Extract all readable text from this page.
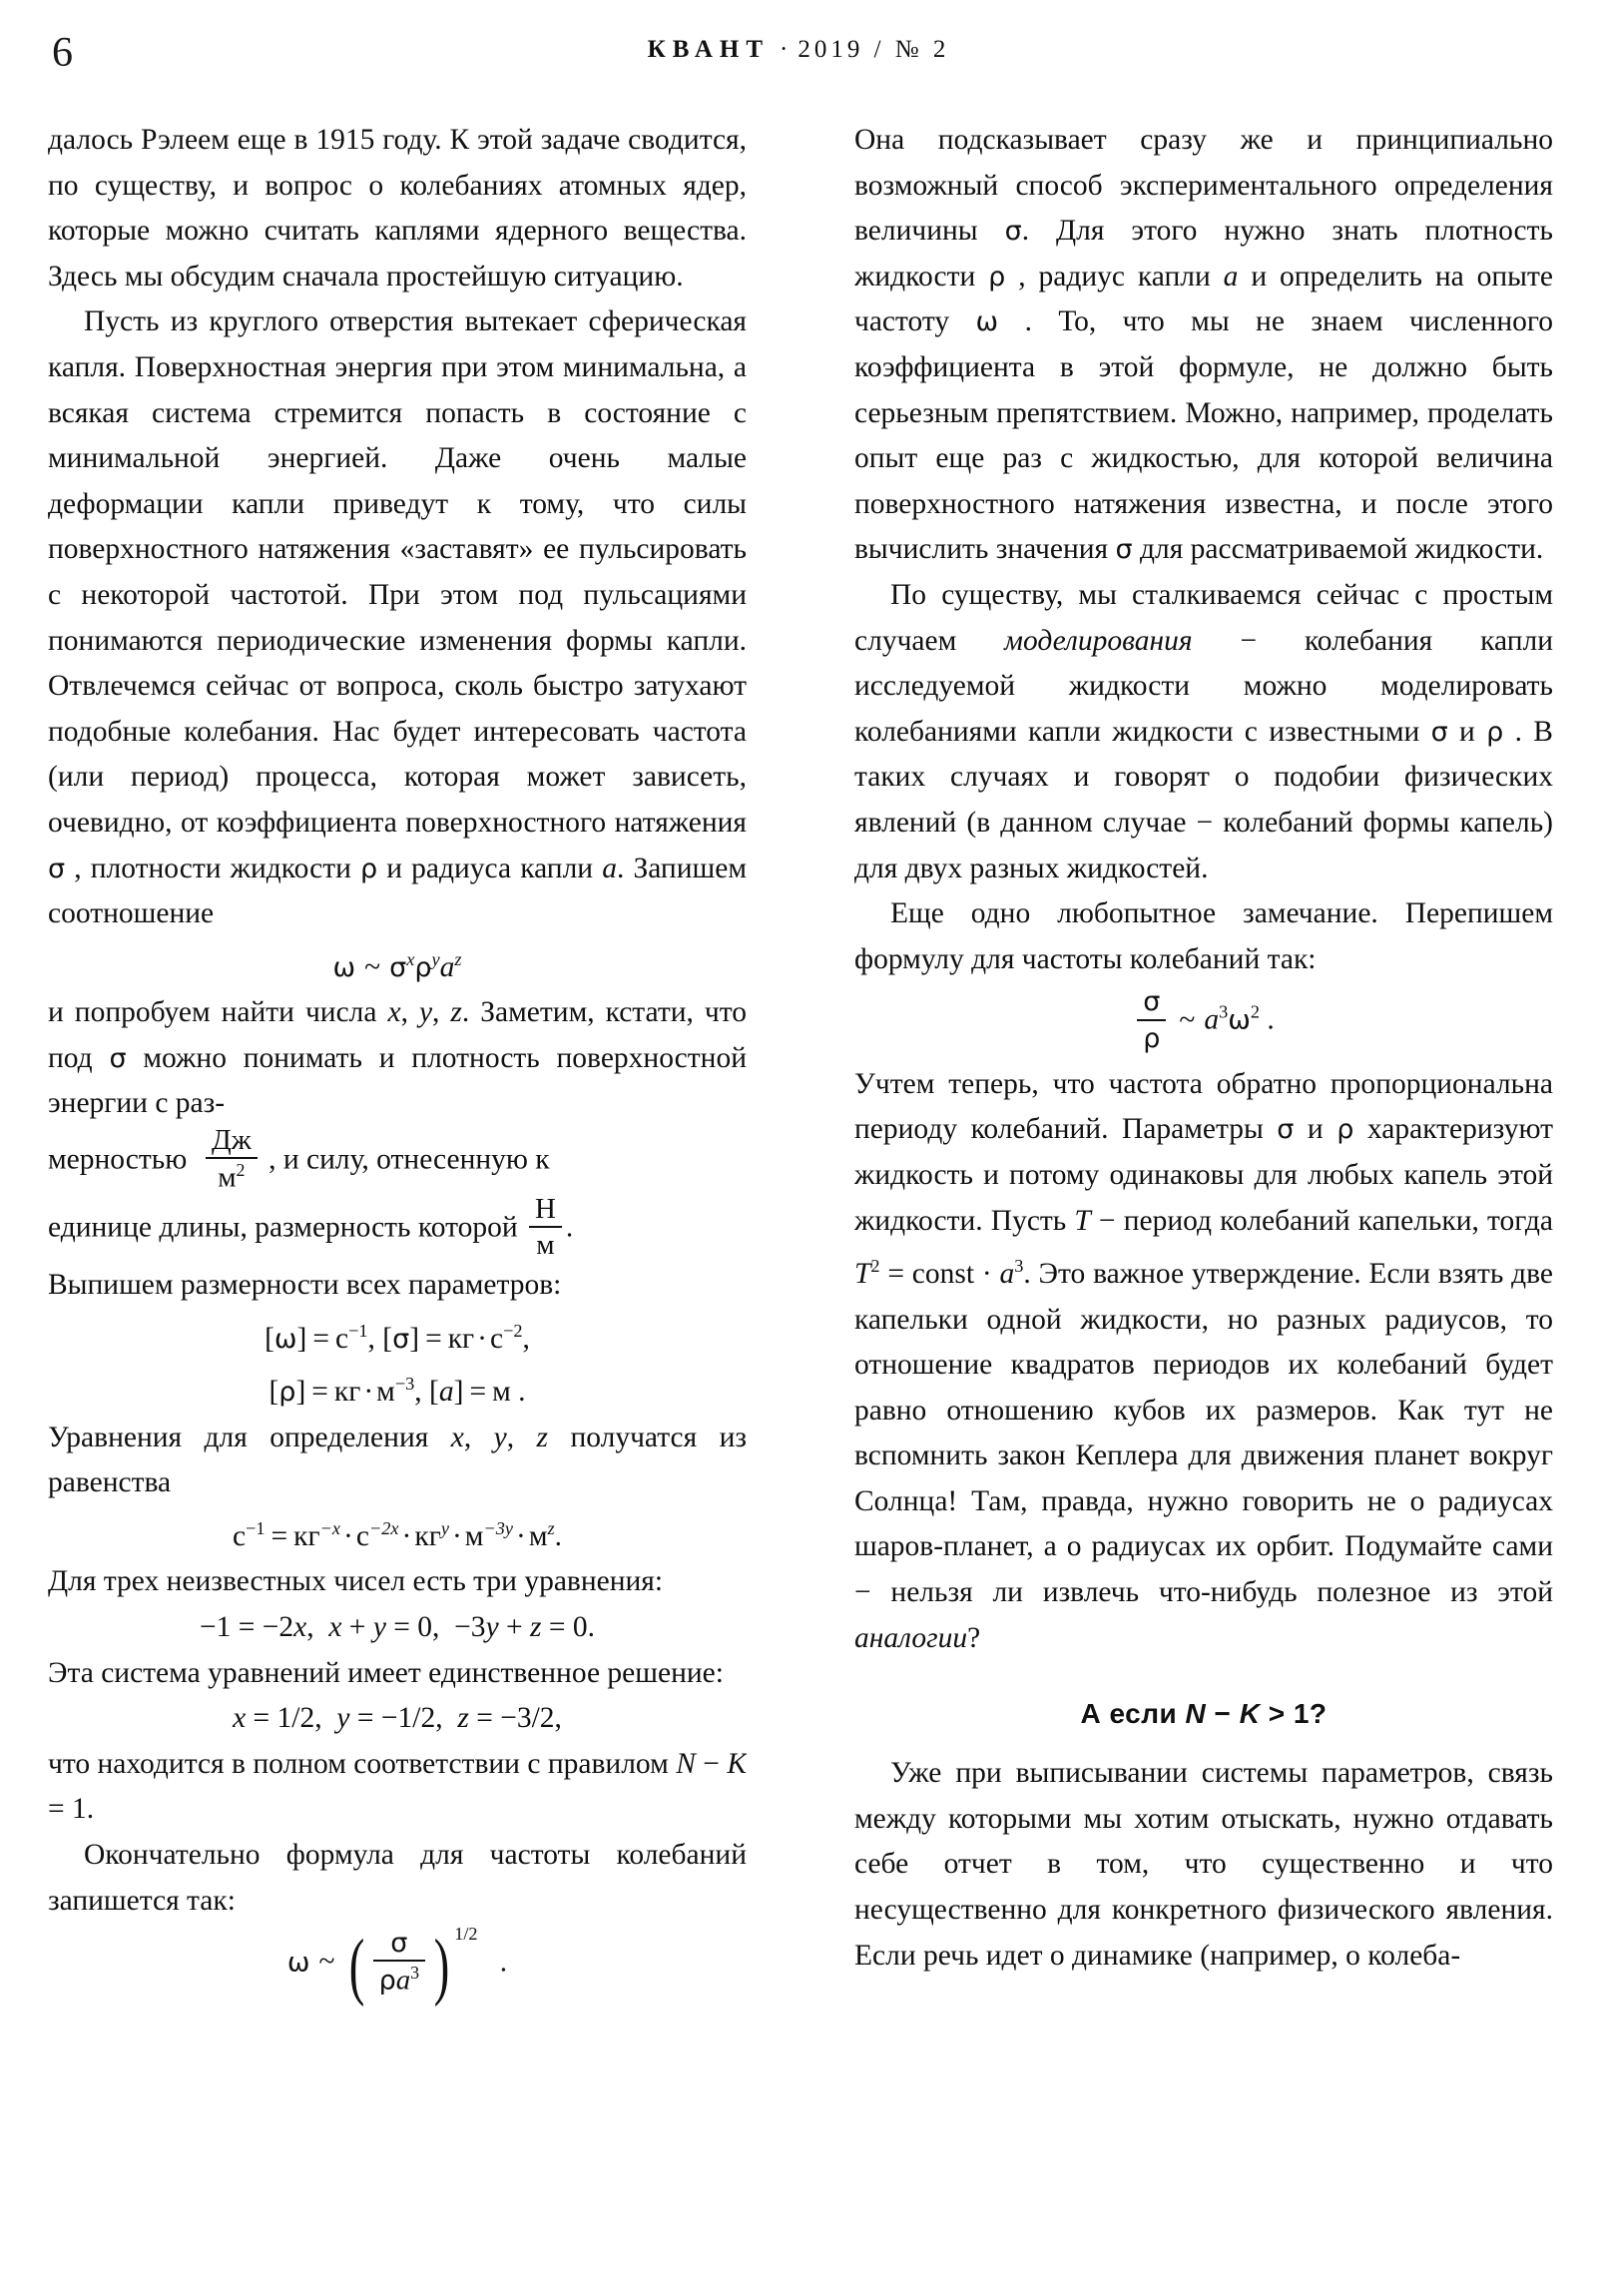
6	КВАНТ · 2019 / № 2

далось Рэлеем еще в 1915 году. К этой задаче сводится, по существу, и вопрос о колебаниях атомных ядер, которые можно считать каплями ядерного вещества. Здесь мы обсудим сначала простейшую ситуацию.

Пусть из круглого отверстия вытекает сферическая капля. Поверхностная энергия при этом минимальна, а всякая система стремится попасть в состояние с минимальной энергией. Даже очень малые деформации капли приведут к тому, что силы поверхностного натяжения «заставят» ее пульсировать с некоторой частотой. При этом под пульсациями понимаются периодические изменения формы капли. Отвлечемся сейчас от вопроса, сколь быстро затухают подобные колебания. Нас будет интересовать частота (или период) процесса, которая может зависеть, очевидно, от коэффициента поверхностного натяжения σ , плотности жидкости ρ и радиуса капли a. Запишем соотношение

ω ~ $\sigma^x\rho^ya^z$

и попробуем найти числа x, y, z. Заметим, кстати, что под σ можно понимать и плотность поверхностной энергии с раз-

мерностью $\frac{Дж}{м^2}$ , и силу, отнесенную к

единице длины, размерность которой $\frac{Н}{м}$ .

Выпишем размерности всех параметров:

$[\omega] = с^{-1}$, [σ] = кг · $с^{-2}$,
[ρ] = кг · $м^{-3}$, [a] = м .

Уравнения для определения x, y, z получатся из равенства

$с^{-1} = кг^{-x} \cdot с^{-2x} \cdot кг^y \cdot м^{-3y} \cdot м^z$.

Для трех неизвестных чисел есть три уравнения:

−1 = −2x,  x + y = 0,  −3y + z = 0.

Эта система уравнений имеет единственное решение:

x = 1/2,  y = −1/2,  z = −3/2,

что находится в полном соответствии с правилом N − K = 1.

Окончательно формула для частоты колебаний запишется так:

ω ~ ( $\frac{\sigma}{\rho a^3}$ ) 1/2   .

Она подсказывает сразу же и принципиально возможный способ экспериментального определения величины σ. Для этого нужно знать плотность жидкости ρ , радиус капли a и определить на опыте частоту ω . То, что мы не знаем численного коэффициента в этой формуле, не должно быть серьезным препятствием. Можно, например, проделать опыт еще раз с жидкостью, для которой величина поверхностного натяжения известна, и после этого вычислить значения σ для рассматриваемой жидкости.

По существу, мы сталкиваемся сейчас с простым случаем моделирования − колебания капли исследуемой жидкости можно моделировать колебаниями капли жидкости с известными σ и ρ . В таких случаях и говорят о подобии физических явлений (в данном случае − колебаний формы капель) для двух разных жидкостей.

Еще одно любопытное замечание. Перепишем формулу для частоты колебаний так:

$\frac{\sigma}{\rho}$ ~ $a^3\omega^2$ .

Учтем теперь, что частота обратно пропорциональна периоду колебаний. Параметры σ и ρ характеризуют жидкость и потому одинаковы для любых капель этой жидкости. Пусть T − период колебаний капельки, тогда $T^2$ = const · $a^3$. Это важное утверждение. Если взять две капельки одной жидкости, но разных радиусов, то отношение квадратов периодов их колебаний будет равно отношению кубов их размеров. Как тут не вспомнить закон Кеплера для движения планет вокруг Солнца! Там, правда, нужно говорить не о радиусах шаров-планет, а о радиусах их орбит. Подумайте сами − нельзя ли извлечь что-нибудь полезное из этой аналогии?

А если N − K > 1?

Уже при выписывании системы параметров, связь между которыми мы хотим отыскать, нужно отдавать себе отчет в том, что существенно и что несущественно для конкретного физического явления. Если речь идет о динамике (например, о колеба-
